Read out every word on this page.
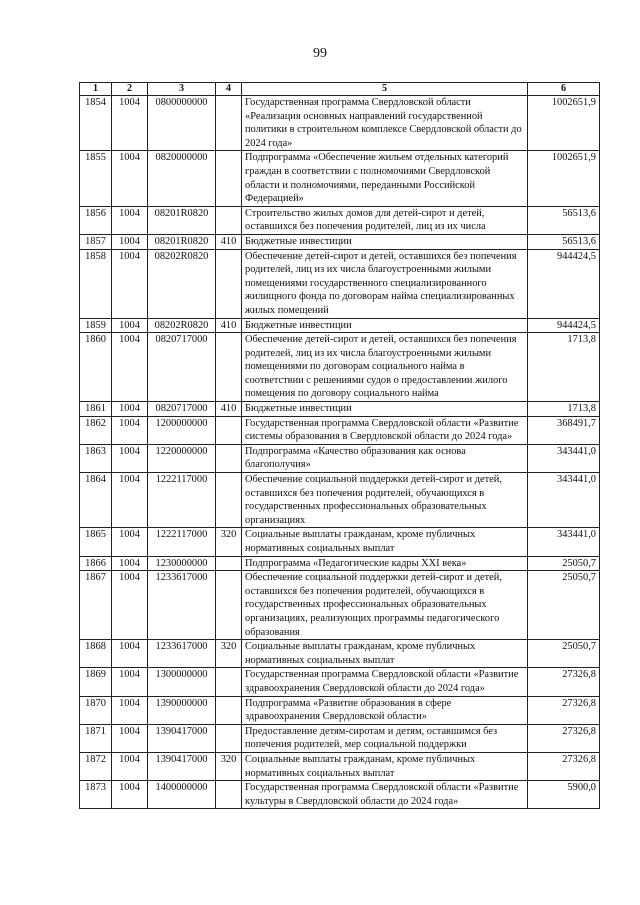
99
1	2	3	4	5	6
1854	1004	0800000000		Государственная программа Свердловской области «Реализация основных направлений государственной политики в строительном комплексе Свердловской области до 2024 года»	1002651,9
1855	1004	0820000000		Подпрограмма «Обеспечение жильем отдельных категорий граждан в соответствии с полномочиями Свердловской области и полномочиями, переданными Российской Федерацией»	1002651,9
1856	1004	08201R0820		Строительство жилых домов для детей-сирот и детей, оставшихся без попечения родителей, лиц из их числа	56513,6
1857	1004	08201R0820	410	Бюджетные инвестиции	56513,6
1858	1004	08202R0820		Обеспечение детей-сирот и детей, оставшихся без попечения родителей, лиц из их числа благоустроенными жилыми помещениями государственного специализированного жилищного фонда по договорам найма специализированных жилых помещений	944424,5
1859	1004	08202R0820	410	Бюджетные инвестиции	944424,5
1860	1004	0820717000		Обеспечение детей-сирот и детей, оставшихся без попечения родителей, лиц из их числа благоустроенными жилыми помещениями по договорам социального найма в соответствии с решениями судов о предоставлении жилого помещения по договору социального найма	1713,8
1861	1004	0820717000	410	Бюджетные инвестиции	1713,8
1862	1004	1200000000		Государственная программа Свердловской области «Развитие системы образования в Свердловской области до 2024 года»	368491,7
1863	1004	1220000000		Подпрограмма «Качество образования как основа благополучия»	343441,0
1864	1004	1222117000		Обеспечение социальной поддержки детей-сирот и детей, оставшихся без попечения родителей, обучающихся в государственных профессиональных образовательных организациях	343441,0
1865	1004	1222117000	320	Социальные выплаты гражданам, кроме публичных нормативных социальных выплат	343441,0
1866	1004	1230000000		Подпрограмма «Педагогические кадры XXI века»	25050,7
1867	1004	1233617000		Обеспечение социальной поддержки детей-сирот и детей, оставшихся без попечения родителей, обучающихся в государственных профессиональных образовательных организациях, реализующих программы педагогического образования	25050,7
1868	1004	1233617000	320	Социальные выплаты гражданам, кроме публичных нормативных социальных выплат	25050,7
1869	1004	1300000000		Государственная программа Свердловской области «Развитие здравоохранения Свердловской области до 2024 года»	27326,8
1870	1004	1390000000		Подпрограмма «Развитие образования в сфере здравоохранения Свердловской области»	27326,8
1871	1004	1390417000		Предоставление детям-сиротам и детям, оставшимся без попечения родителей, мер социальной поддержки	27326,8
1872	1004	1390417000	320	Социальные выплаты гражданам, кроме публичных нормативных социальных выплат	27326,8
1873	1004	1400000000		Государственная программа Свердловской области «Развитие культуры в Свердловской области до 2024 года»	5900,0
